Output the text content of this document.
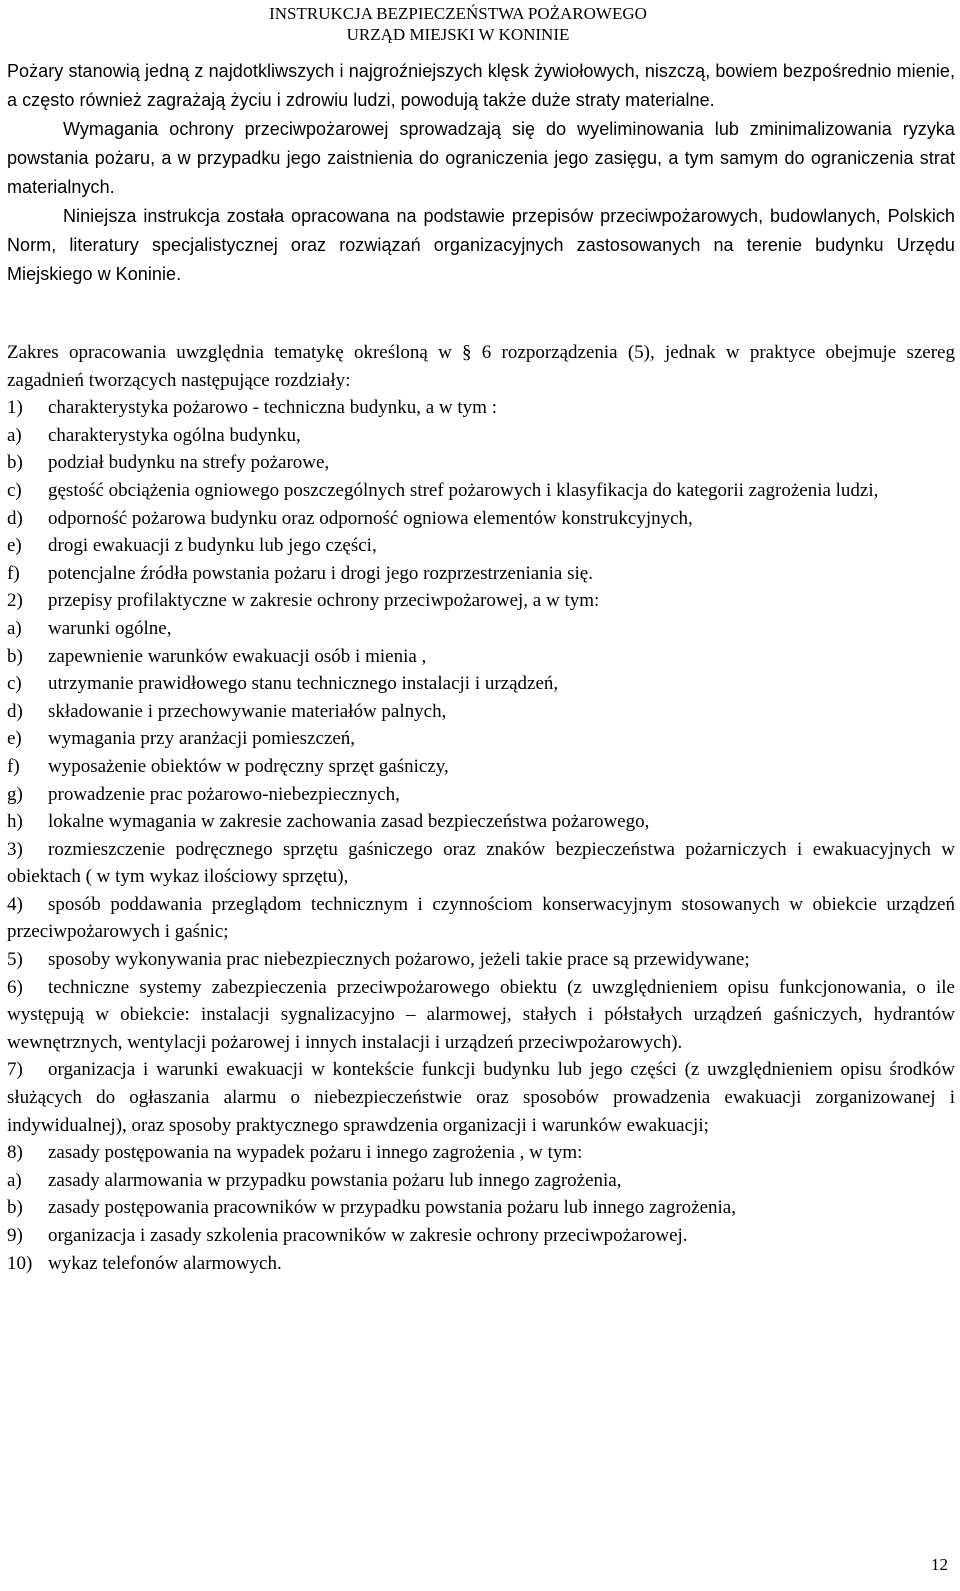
INSTRUKCJA BEZPIECZEŃSTWA POŻAROWEGO
URZĄD MIEJSKI W KONINIE

Pożary stanowią jedną z najdotkliwszych i najgroźniejszych klęsk żywiołowych, niszczą, bowiem bezpośrednio mienie, a często również zagrażają życiu i zdrowiu ludzi, powodują także duże straty materialne.

Wymagania ochrony przeciwpożarowej sprowadzają się do wyeliminowania lub zminimalizowania ryzyka powstania pożaru, a w przypadku jego zaistnienia do ograniczenia jego zasięgu, a tym samym do ograniczenia strat materialnych.

Niniejsza instrukcja została opracowana na podstawie przepisów przeciwpożarowych, budowlanych, Polskich Norm, literatury specjalistycznej oraz rozwiązań organizacyjnych zastosowanych na terenie budynku Urzędu Miejskiego w Koninie.

Zakres opracowania uwzględnia tematykę określoną w § 6 rozporządzenia (5), jednak w praktyce obejmuje szereg zagadnień tworzących następujące rozdziały:

1) charakterystyka pożarowo - techniczna budynku, a w tym :

a) charakterystyka ogólna budynku,

b) podział budynku na strefy pożarowe,

c) gęstość obciążenia ogniowego poszczególnych stref pożarowych i klasyfikacja do kategorii zagrożenia ludzi,

d) odporność pożarowa budynku oraz odporność ogniowa elementów konstrukcyjnych,

e) drogi ewakuacji z budynku lub jego części,

f) potencjalne źródła powstania pożaru i drogi jego rozprzestrzeniania się.

2) przepisy profilaktyczne w zakresie ochrony przeciwpożarowej, a w tym:

a) warunki ogólne,

b) zapewnienie warunków ewakuacji osób i mienia ,

c) utrzymanie prawidłowego stanu technicznego instalacji i urządzeń,

d) składowanie i przechowywanie materiałów palnych,

e) wymagania przy aranżacji pomieszczeń,

f) wyposażenie obiektów w podręczny sprzęt gaśniczy,

g) prowadzenie prac pożarowo-niebezpiecznych,

h) lokalne wymagania w zakresie zachowania zasad bezpieczeństwa pożarowego,

3) rozmieszczenie podręcznego sprzętu gaśniczego oraz znaków bezpieczeństwa pożarniczych i ewakuacyjnych w obiektach ( w tym wykaz ilościowy sprzętu),

4) sposób poddawania przeglądom technicznym i czynnościom konserwacyjnym stosowanych w obiekcie urządzeń przeciwpożarowych i gaśnic;

5) sposoby wykonywania prac niebezpiecznych pożarowo, jeżeli takie prace są przewidywane;

6) techniczne systemy zabezpieczenia przeciwpożarowego obiektu (z uwzględnieniem opisu funkcjonowania, o ile występują w obiekcie: instalacji sygnalizacyjno – alarmowej, stałych i półstałych urządzeń gaśniczych, hydrantów wewnętrznych, wentylacji pożarowej i innych instalacji i urządzeń przeciwpożarowych).

7) organizacja i warunki ewakuacji w kontekście funkcji budynku lub jego części (z uwzględnieniem opisu środków służących do ogłaszania alarmu o niebezpieczeństwie oraz sposobów prowadzenia ewakuacji zorganizowanej i indywidualnej), oraz sposoby praktycznego sprawdzenia organizacji i warunków ewakuacji;

8) zasady postępowania na wypadek pożaru i innego zagrożenia , w tym:

a) zasady alarmowania w przypadku powstania pożaru lub innego zagrożenia,

b) zasady postępowania pracowników w przypadku powstania pożaru lub innego zagrożenia,

9) organizacja i zasady szkolenia pracowników w zakresie ochrony przeciwpożarowej.

10) wykaz telefonów alarmowych.

12
